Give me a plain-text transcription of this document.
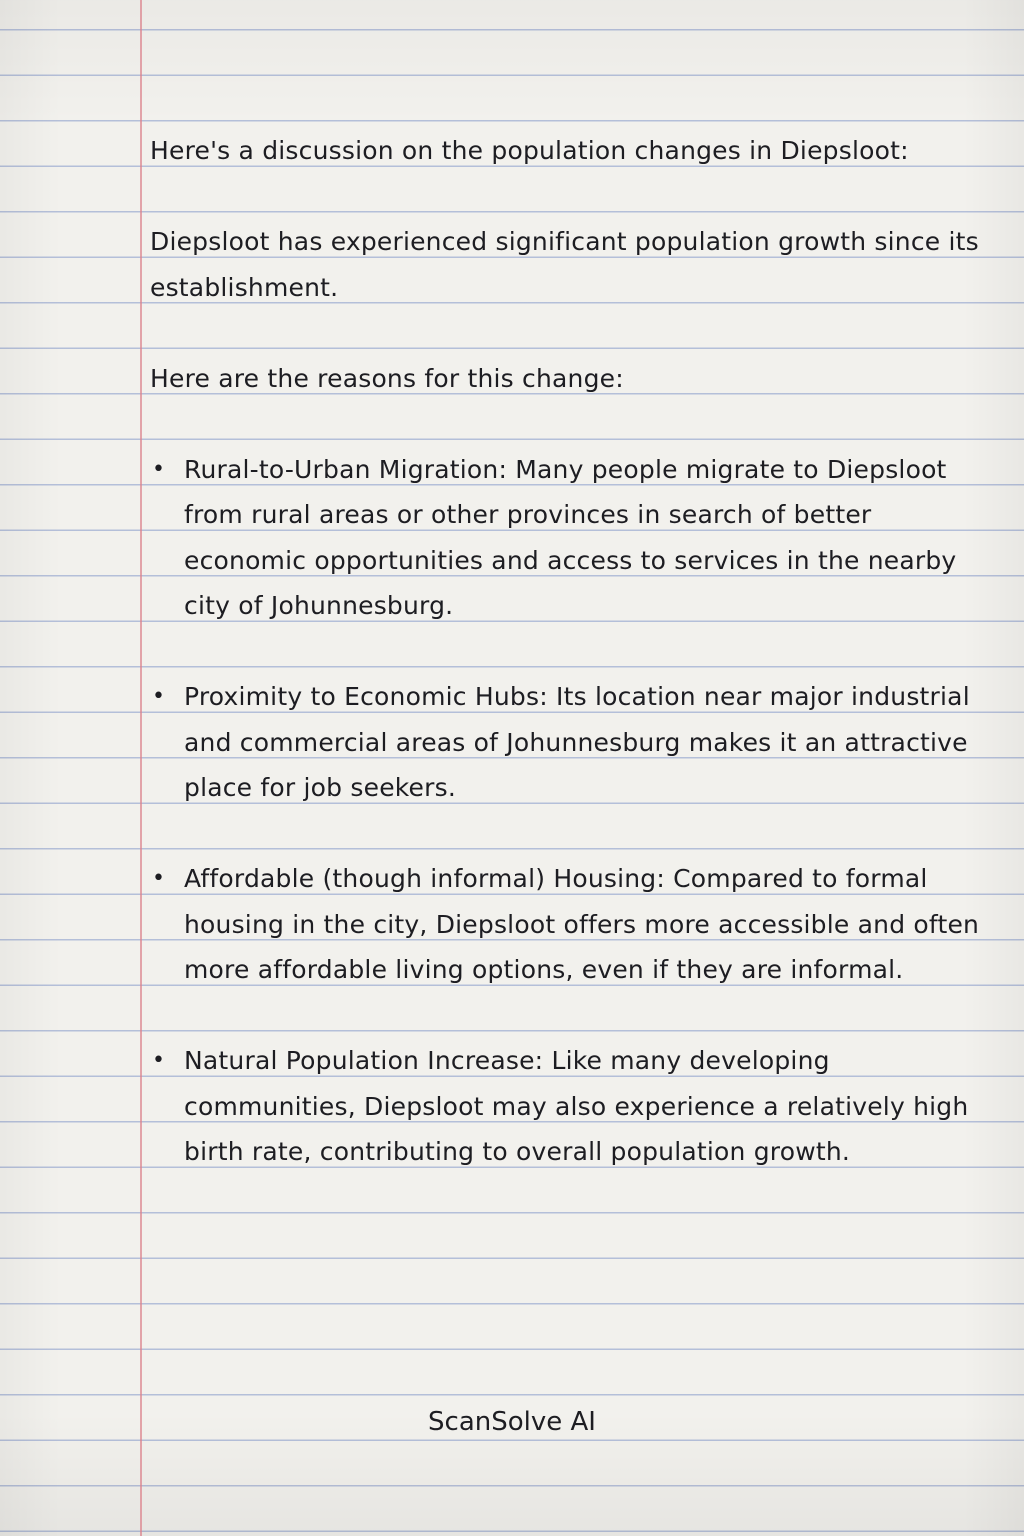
Here's a discussion on the population changes in Diepsloot:

Diepsloot has experienced significant population growth since its establishment.

Here are the reasons for this change:

• Rural-to-Urban Migration: Many people migrate to Diepsloot from rural areas or other provinces in search of better economic opportunities and access to services in the nearby city of Johunnesburg.
• Proximity to Economic Hubs: Its location near major industrial and commercial areas of Johunnesburg makes it an attractive place for job seekers.
• Affordable (though informal) Housing: Compared to formal housing in the city, Diepsloot offers more accessible and often more affordable living options, even if they are informal.
• Natural Population Increase: Like many developing communities, Diepsloot may also experience a relatively high birth rate, contributing to overall population growth.
ScanSolve AI
